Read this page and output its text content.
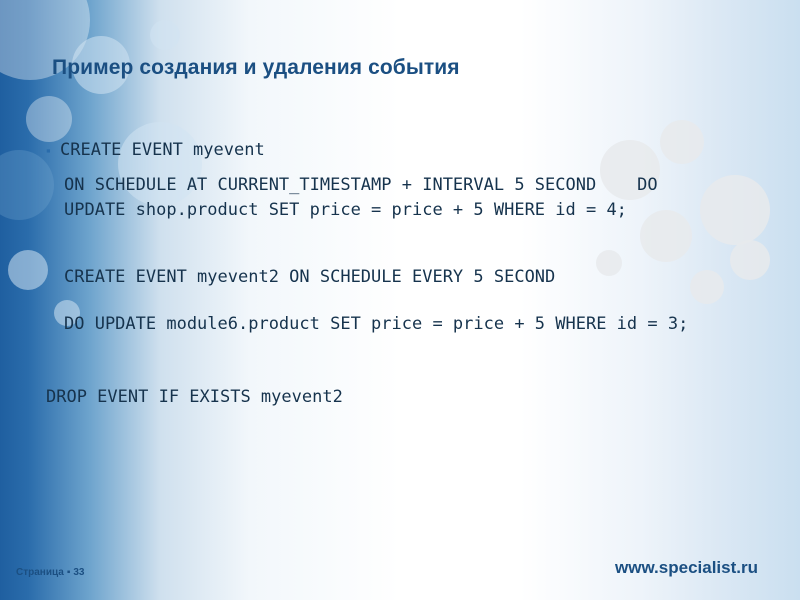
Пример создания и удаления события
▪ CREATE EVENT myevent
ON SCHEDULE AT CURRENT_TIMESTAMP + INTERVAL 5 SECOND    DO     UPDATE shop.product SET price = price + 5 WHERE id = 4;
CREATE EVENT myevent2 ON SCHEDULE EVERY 5 SECOND
DO UPDATE module6.product SET price = price + 5 WHERE id = 3;
DROP EVENT IF EXISTS myevent2
Страница ▪ 33	www.specialist.ru
